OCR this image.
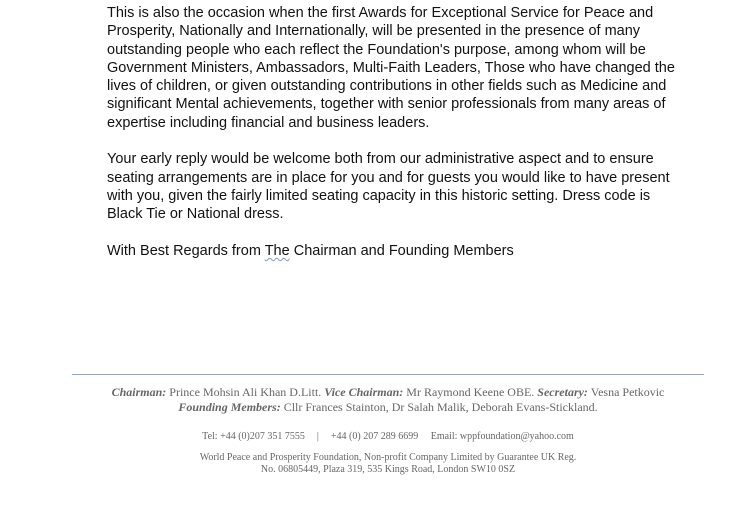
This is also the occasion when the first Awards for Exceptional Service for Peace and Prosperity, Nationally and Internationally, will be presented in the presence of many outstanding people who each reflect the Foundation's purpose, among whom will be Government Ministers, Ambassadors, Multi-Faith Leaders, Those who have changed the lives of children, or given outstanding contributions in other fields such as Medicine and significant Mental achievements, together with senior professionals from many areas of expertise including financial and business leaders.

Your early reply would be welcome both from our administrative aspect and to ensure seating arrangements are in place for you and for guests you would like to have present with you, given the fairly limited seating capacity in this historic setting. Dress code is Black Tie or National dress.

With Best Regards from The Chairman and Founding Members

Chairman: Prince Mohsin Ali Khan D.Litt. Vice Chairman: Mr Raymond Keene OBE. Secretary: Vesna Petkovic
Founding Members: Cllr Frances Stainton, Dr Salah Malik, Deborah Evans-Stickland.
Tel: +44 (0)207 351 7555 | +44 (0) 207 289 6699 Email: wppfoundation@yahoo.com
World Peace and Prosperity Foundation, Non-profit Company Limited by Guarantee UK Reg.
No. 06805449, Plaza 319, 535 Kings Road, London SW10 0SZ
